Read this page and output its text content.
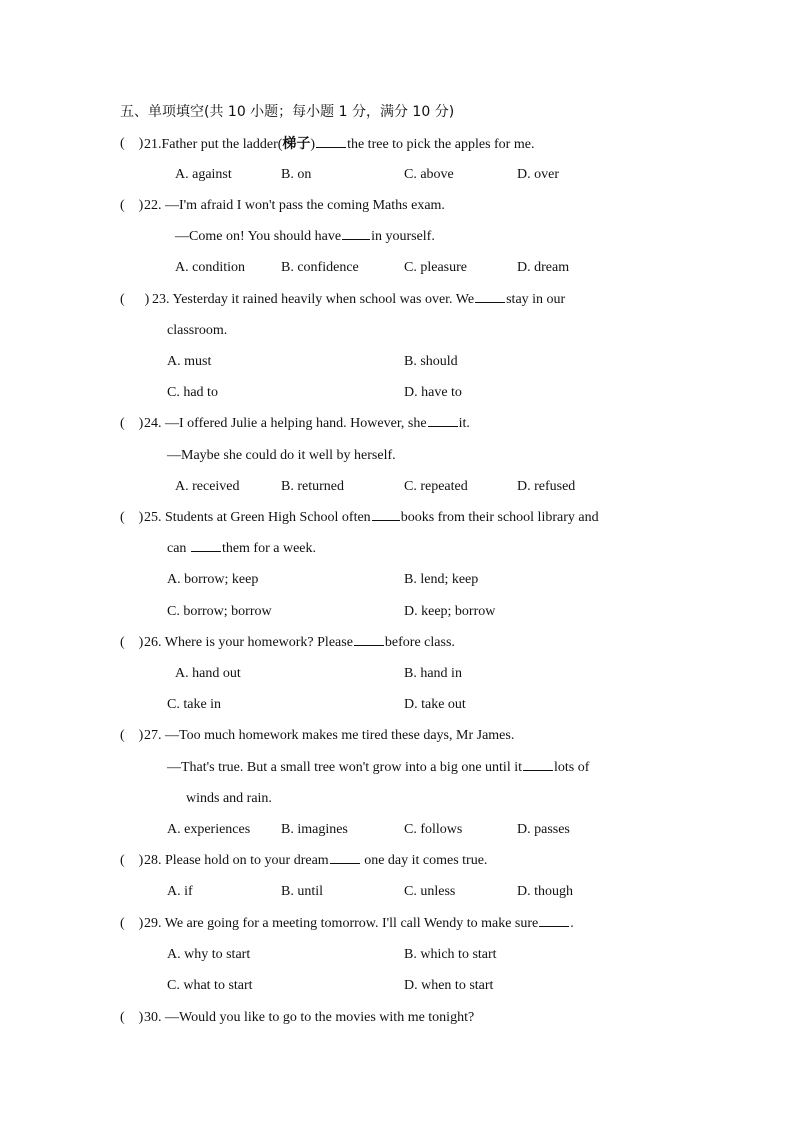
五、单项填空(共 10 小题；每小题 1 分，满分 10 分)
( ) 21.Father put the ladder(梯子) the tree to pick the apples for me.
A. against	B. on	C. above	D. over
( ) 22. —I'm afraid I won't pass the coming Maths exam.
—Come on! You should have in yourself.
A. condition	B. confidence	C. pleasure	D. dream
( ) 23. Yesterday it rained heavily when school was over. We stay in our
classroom.
A. must	B. should
C. had to	D. have to
( ) 24. —I offered Julie a helping hand. However, she it.
—Maybe she could do it well by herself.
A. received	B. returned	C. repeated	D. refused
( ) 25. Students at Green High School often books from their school library and
can	them for a week.
A. borrow; keep	B. lend; keep
C. borrow; borrow	D. keep; borrow
( ) 26. Where is your homework? Please before class.
A. hand out	B. hand in
C. take in	D. take out
( ) 27. —Too much homework makes me tired these days, Mr James.
—That's true. But a small tree won't grow into a big one until it lots of
winds and rain.
A. experiences B. imagines	C. follows	D. passes
( ) 28. Please hold on to your dream	one day it comes true.
A. if	B. until	C. unless	D. though
( ) 29. We are going for a meeting tomorrow. I'll call Wendy to make sure .
A. why to start	B. which to start
C. what to start	D. when to start
( ) 30. —Would you like to go to the movies with me tonight?
